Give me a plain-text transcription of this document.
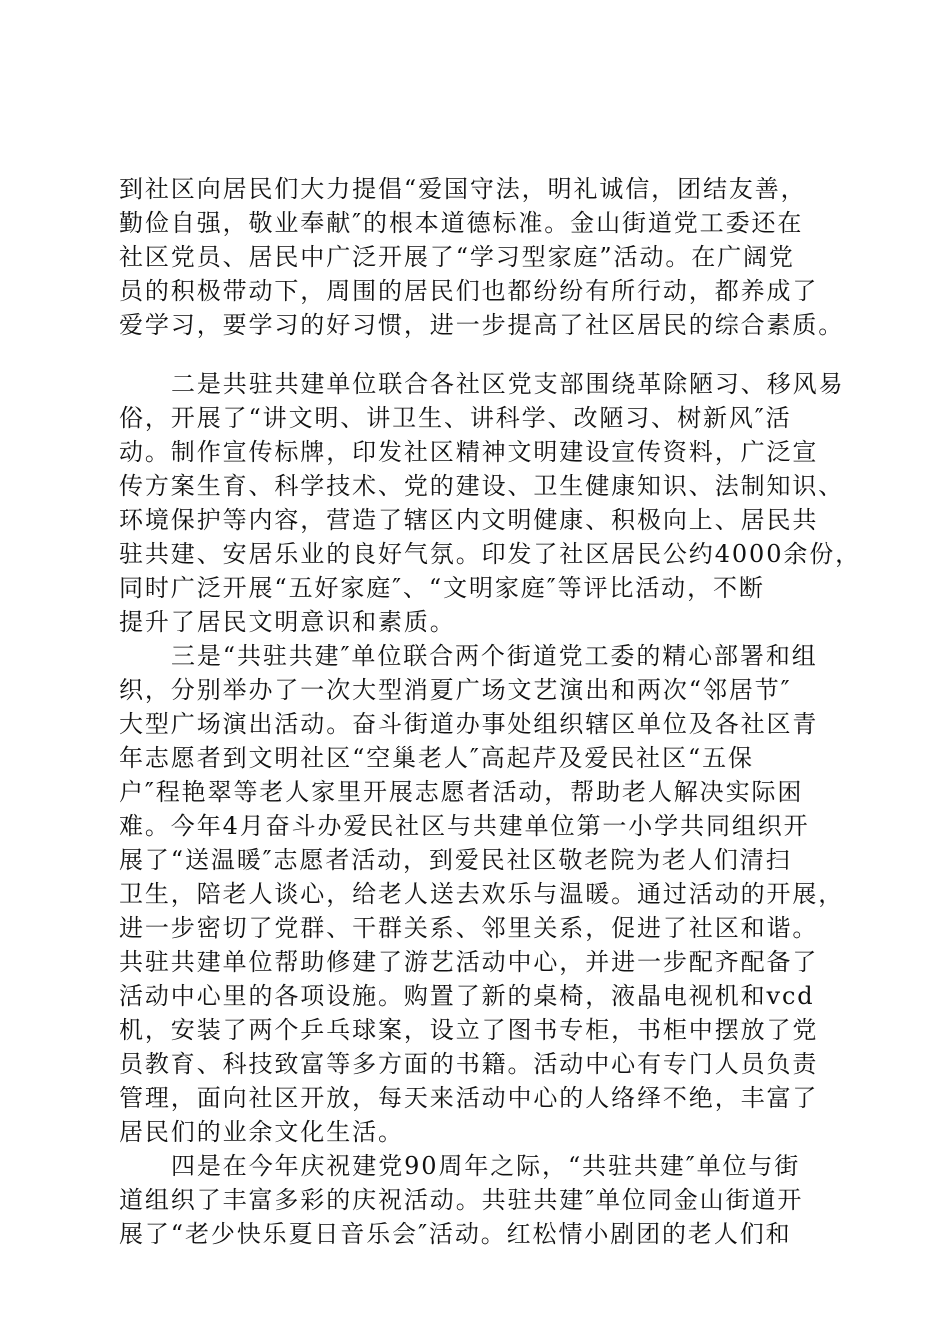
到社区向居民们大力提倡“爱国守法，明礼诚信，团结友善，
勤俭自强，敬业奉献″的根本道德标准。金山街道党工委还在
社区党员、居民中广泛开展了“学习型家庭”活动。在广阔党
员的积极带动下，周围的居民们也都纷纷有所行动，都养成了
爱学习，要学习的好习惯，进一步提高了社区居民的综合素质。
二是共驻共建单位联合各社区党支部围绕革除陋习、移风易
俗，开展了“讲文明、讲卫生、讲科学、改陋习、树新风″活
动。制作宣传标牌，印发社区精神文明建设宣传资料，广泛宣
传方案生育、科学技术、党的建设、卫生健康知识、法制知识、
环境保护等内容，营造了辖区内文明健康、积极向上、居民共
驻共建、安居乐业的良好气氛。印发了社区居民公约4000余份，
同时广泛开展“五好家庭″、“文明家庭″等评比活动，不断
提升了居民文明意识和素质。
三是“共驻共建″单位联合两个街道党工委的精心部署和组
织，分别举办了一次大型消夏广场文艺演出和两次“邻居节″
大型广场演出活动。奋斗街道办事处组织辖区单位及各社区青
年志愿者到文明社区“空巢老人″高起芹及爱民社区“五保
户″程艳翠等老人家里开展志愿者活动，帮助老人解决实际困
难。今年4月奋斗办爱民社区与共建单位第一小学共同组织开
展了“送温暖″志愿者活动，到爱民社区敬老院为老人们清扫
卫生，陪老人谈心，给老人送去欢乐与温暖。通过活动的开展，
进一步密切了党群、干群关系、邻里关系，促进了社区和谐。
共驻共建单位帮助修建了游艺活动中心，并进一步配齐配备了
活动中心里的各项设施。购置了新的桌椅，液晶电视机和vcd
机，安装了两个乒乓球案，设立了图书专柜，书柜中摆放了党
员教育、科技致富等多方面的书籍。活动中心有专门人员负责
管理，面向社区开放，每天来活动中心的人络绎不绝，丰富了
居民们的业余文化生活。
四是在今年庆祝建党90周年之际，“共驻共建″单位与街
道组织了丰富多彩的庆祝活动。共驻共建″单位同金山街道开
展了“老少快乐夏日音乐会″活动。红松情小剧团的老人们和
